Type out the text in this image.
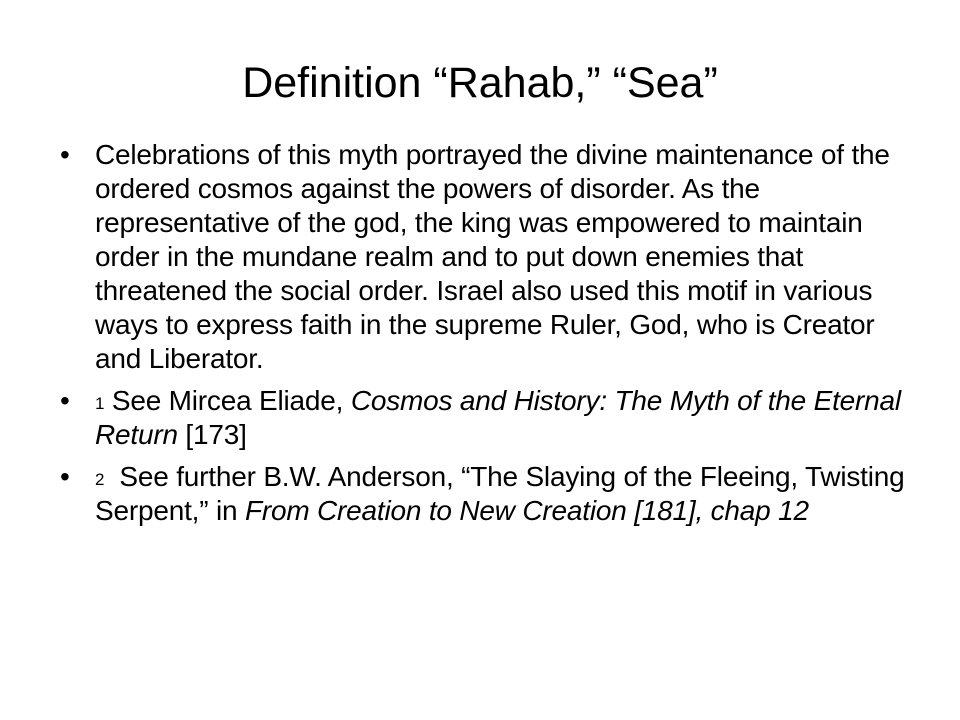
Definition “Rahab,” “Sea”
• Celebrations of this myth portrayed the divine maintenance of the ordered cosmos against the powers of disorder. As the representative of the god, the king was empowered to maintain order in the mundane realm and to put down enemies that threatened the social order. Israel also used this motif in various ways to express faith in the supreme Ruler, God, who is Creator and Liberator.
• $^1$ See Mircea Eliade, Cosmos and History: The Myth of the Eternal Return [173]
• $^2$  See further B.W. Anderson, “The Slaying of the Fleeing, Twisting Serpent,” in From Creation to New Creation [181], chap 12
